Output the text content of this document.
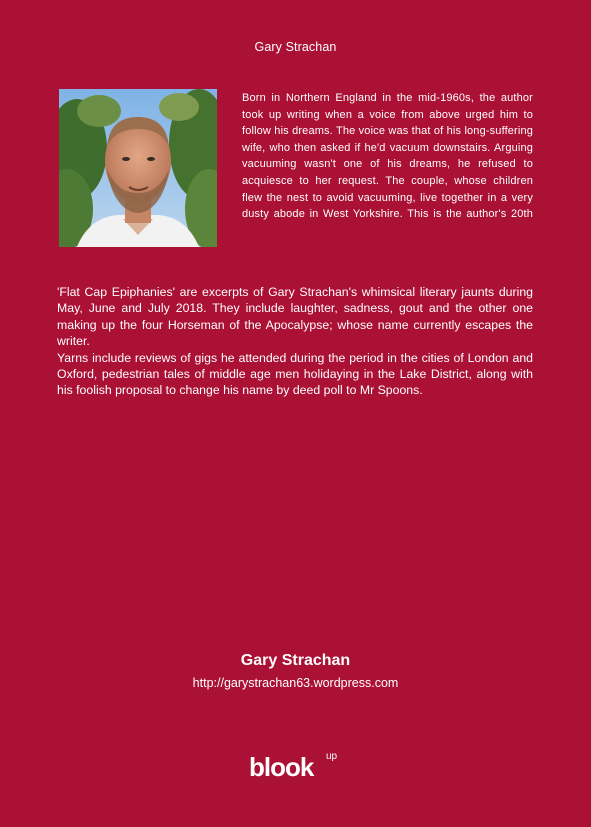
Gary Strachan

Born in Northern England in the mid-1960s, the author took up writing when a voice from above urged him to follow his dreams. The voice was that of his long-suffering wife, who then asked if he'd vacuum downstairs. Arguing vacuuming wasn't one of his dreams, he refused to acquiesce to her request. The couple, whose children flew the nest to avoid vacuuming, live together in a very dusty abode in West Yorkshire. This is the author's 20th

'Flat Cap Epiphanies' are excerpts of Gary Strachan's whimsical literary jaunts during May, June and July 2018. They include laughter, sadness, gout and the other one making up the four Horseman of the Apocalypse; whose name currently escapes the writer.

Yarns include reviews of gigs he attended during the period in the cities of London and Oxford, pedestrian tales of middle age men holidaying in the Lake District, along with his foolish proposal to change his name by deed poll to Mr Spoons.

Gary Strachan
http://garystrachan63.wordpress.com
blook up
